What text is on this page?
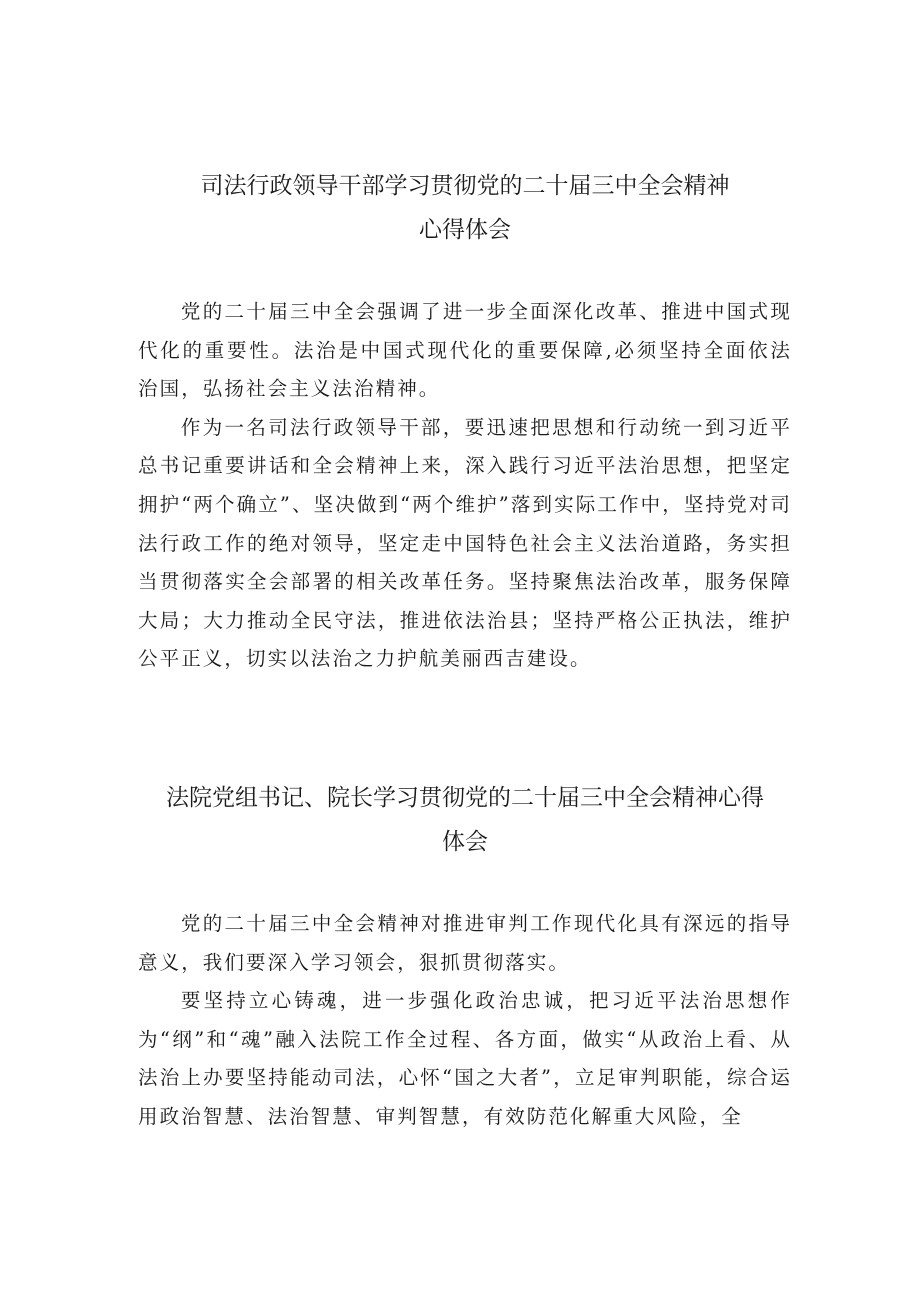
司法行政领导干部学习贯彻党的二十届三中全会精神
心得体会

党的二十届三中全会强调了进一步全面深化改革、推进中国式现代化的重要性。法治是中国式现代化的重要保障,必须坚持全面依法治国，弘扬社会主义法治精神。

作为一名司法行政领导干部，要迅速把思想和行动统一到习近平总书记重要讲话和全会精神上来，深入践行习近平法治思想，把坚定拥护“两个确立”、坚决做到“两个维护”落到实际工作中，坚持党对司法行政工作的绝对领导，坚定走中国特色社会主义法治道路，务实担当贯彻落实全会部署的相关改革任务。坚持聚焦法治改革，服务保障大局；大力推动全民守法，推进依法治县；坚持严格公正执法，维护公平正义，切实以法治之力护航美丽西吉建设。

法院党组书记、院长学习贯彻党的二十届三中全会精神心得
体会

党的二十届三中全会精神对推进审判工作现代化具有深远的指导意义，我们要深入学习领会，狠抓贯彻落实。

要坚持立心铸魂，进一步强化政治忠诚，把习近平法治思想作为“纲”和“魂”融入法院工作全过程、各方面，做实“从政治上看、从法治上办要坚持能动司法，心怀“国之大者”，立足审判职能，综合运用政治智慧、法治智慧、审判智慧，有效防范化解重大风险，全
